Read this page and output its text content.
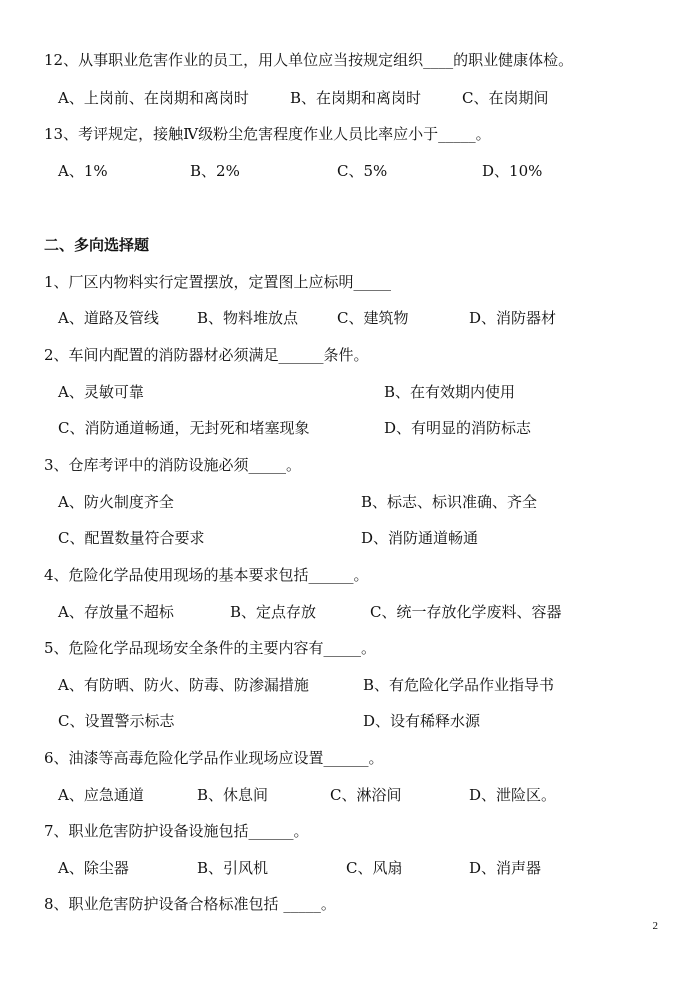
12、从事职业危害作业的员工，用人单位应当按规定组织____的职业健康体检。
A、上岗前、在岗期和离岗时	B、在岗期和离岗时	C、在岗期间
13、考评规定，接触Ⅳ级粉尘危害程度作业人员比率应小于_____。
A、1%	B、2%	C、5%	D、10%
二、多向选择题
1、厂区内物料实行定置摆放，定置图上应标明_____
A、道路及管线	B、物料堆放点	C、建筑物	D、消防器材
2、车间内配置的消防器材必须满足______条件。
A、灵敏可靠	B、在有效期内使用
C、消防通道畅通，无封死和堵塞现象	D、有明显的消防标志
3、仓库考评中的消防设施必须_____。
A、防火制度齐全	B、标志、标识准确、齐全
C、配置数量符合要求	D、消防通道畅通
4、危险化学品使用现场的基本要求包括______。
A、存放量不超标	B、定点存放	C、统一存放化学废料、容器
5、危险化学品现场安全条件的主要内容有_____。
A、有防晒、防火、防毒、防渗漏措施	B、有危险化学品作业指导书
C、设置警示标志	D、设有稀释水源
6、油漆等高毒危险化学品作业现场应设置______。
A、应急通道	B、休息间	C、淋浴间	D、泄险区。
7、职业危害防护设备设施包括______。
A、除尘器	B、引风机	C、风扇	D、消声器
8、职业危害防护设备合格标准包括 _____。
2
